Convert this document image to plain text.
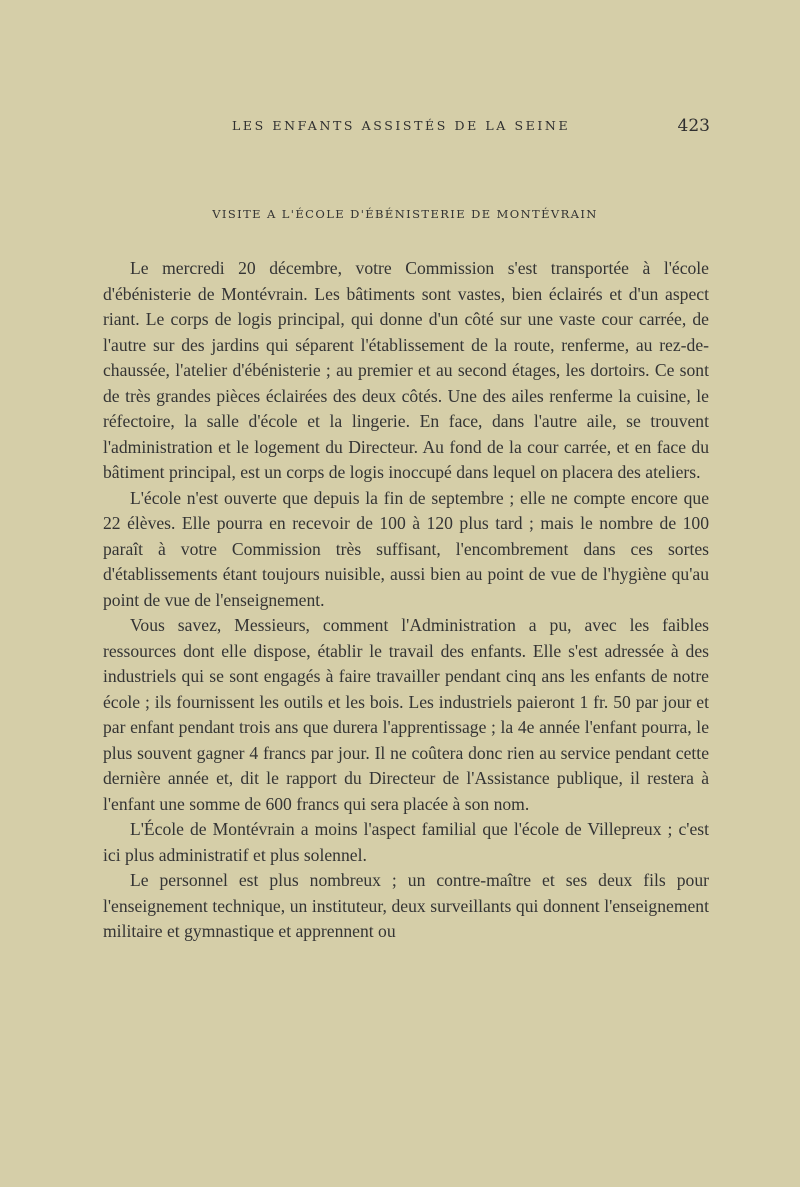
LES ENFANTS ASSISTÉS DE LA SEINE	423
VISITE A L'ÉCOLE D'ÉBÉNISTERIE DE MONTÉVRAIN

Le mercredi 20 décembre, votre Commission s'est transportée à l'école d'ébénisterie de Montévrain. Les bâtiments sont vastes, bien éclairés et d'un aspect riant. Le corps de logis principal, qui donne d'un côté sur une vaste cour carrée, de l'autre sur des jardins qui séparent l'établissement de la route, renferme, au rez-de-chaussée, l'atelier d'ébénisterie ; au premier et au second étages, les dortoirs. Ce sont de très grandes pièces éclairées des deux côtés. Une des ailes renferme la cuisine, le réfectoire, la salle d'école et la lingerie. En face, dans l'autre aile, se trouvent l'administration et le logement du Directeur. Au fond de la cour carrée, et en face du bâtiment principal, est un corps de logis inoccupé dans lequel on placera des ateliers.

L'école n'est ouverte que depuis la fin de septembre ; elle ne compte encore que 22 élèves. Elle pourra en recevoir de 100 à 120 plus tard ; mais le nombre de 100 paraît à votre Commission très suffisant, l'encombrement dans ces sortes d'établissements étant toujours nuisible, aussi bien au point de vue de l'hygiène qu'au point de vue de l'enseignement.

Vous savez, Messieurs, comment l'Administration a pu, avec les faibles ressources dont elle dispose, établir le travail des enfants. Elle s'est adressée à des industriels qui se sont engagés à faire travailler pendant cinq ans les enfants de notre école ; ils fournissent les outils et les bois. Les industriels paieront 1 fr. 50 par jour et par enfant pendant trois ans que durera l'apprentissage ; la 4e année l'enfant pourra, le plus souvent gagner 4 francs par jour. Il ne coûtera donc rien au service pendant cette dernière année et, dit le rapport du Directeur de l'Assistance publique, il restera à l'enfant une somme de 600 francs qui sera placée à son nom.

L'École de Montévrain a moins l'aspect familial que l'école de Villepreux ; c'est ici plus administratif et plus solennel.

Le personnel est plus nombreux ; un contre-maître et ses deux fils pour l'enseignement technique, un instituteur, deux surveillants qui donnent l'enseignement militaire et gymnastique et apprennent ou
